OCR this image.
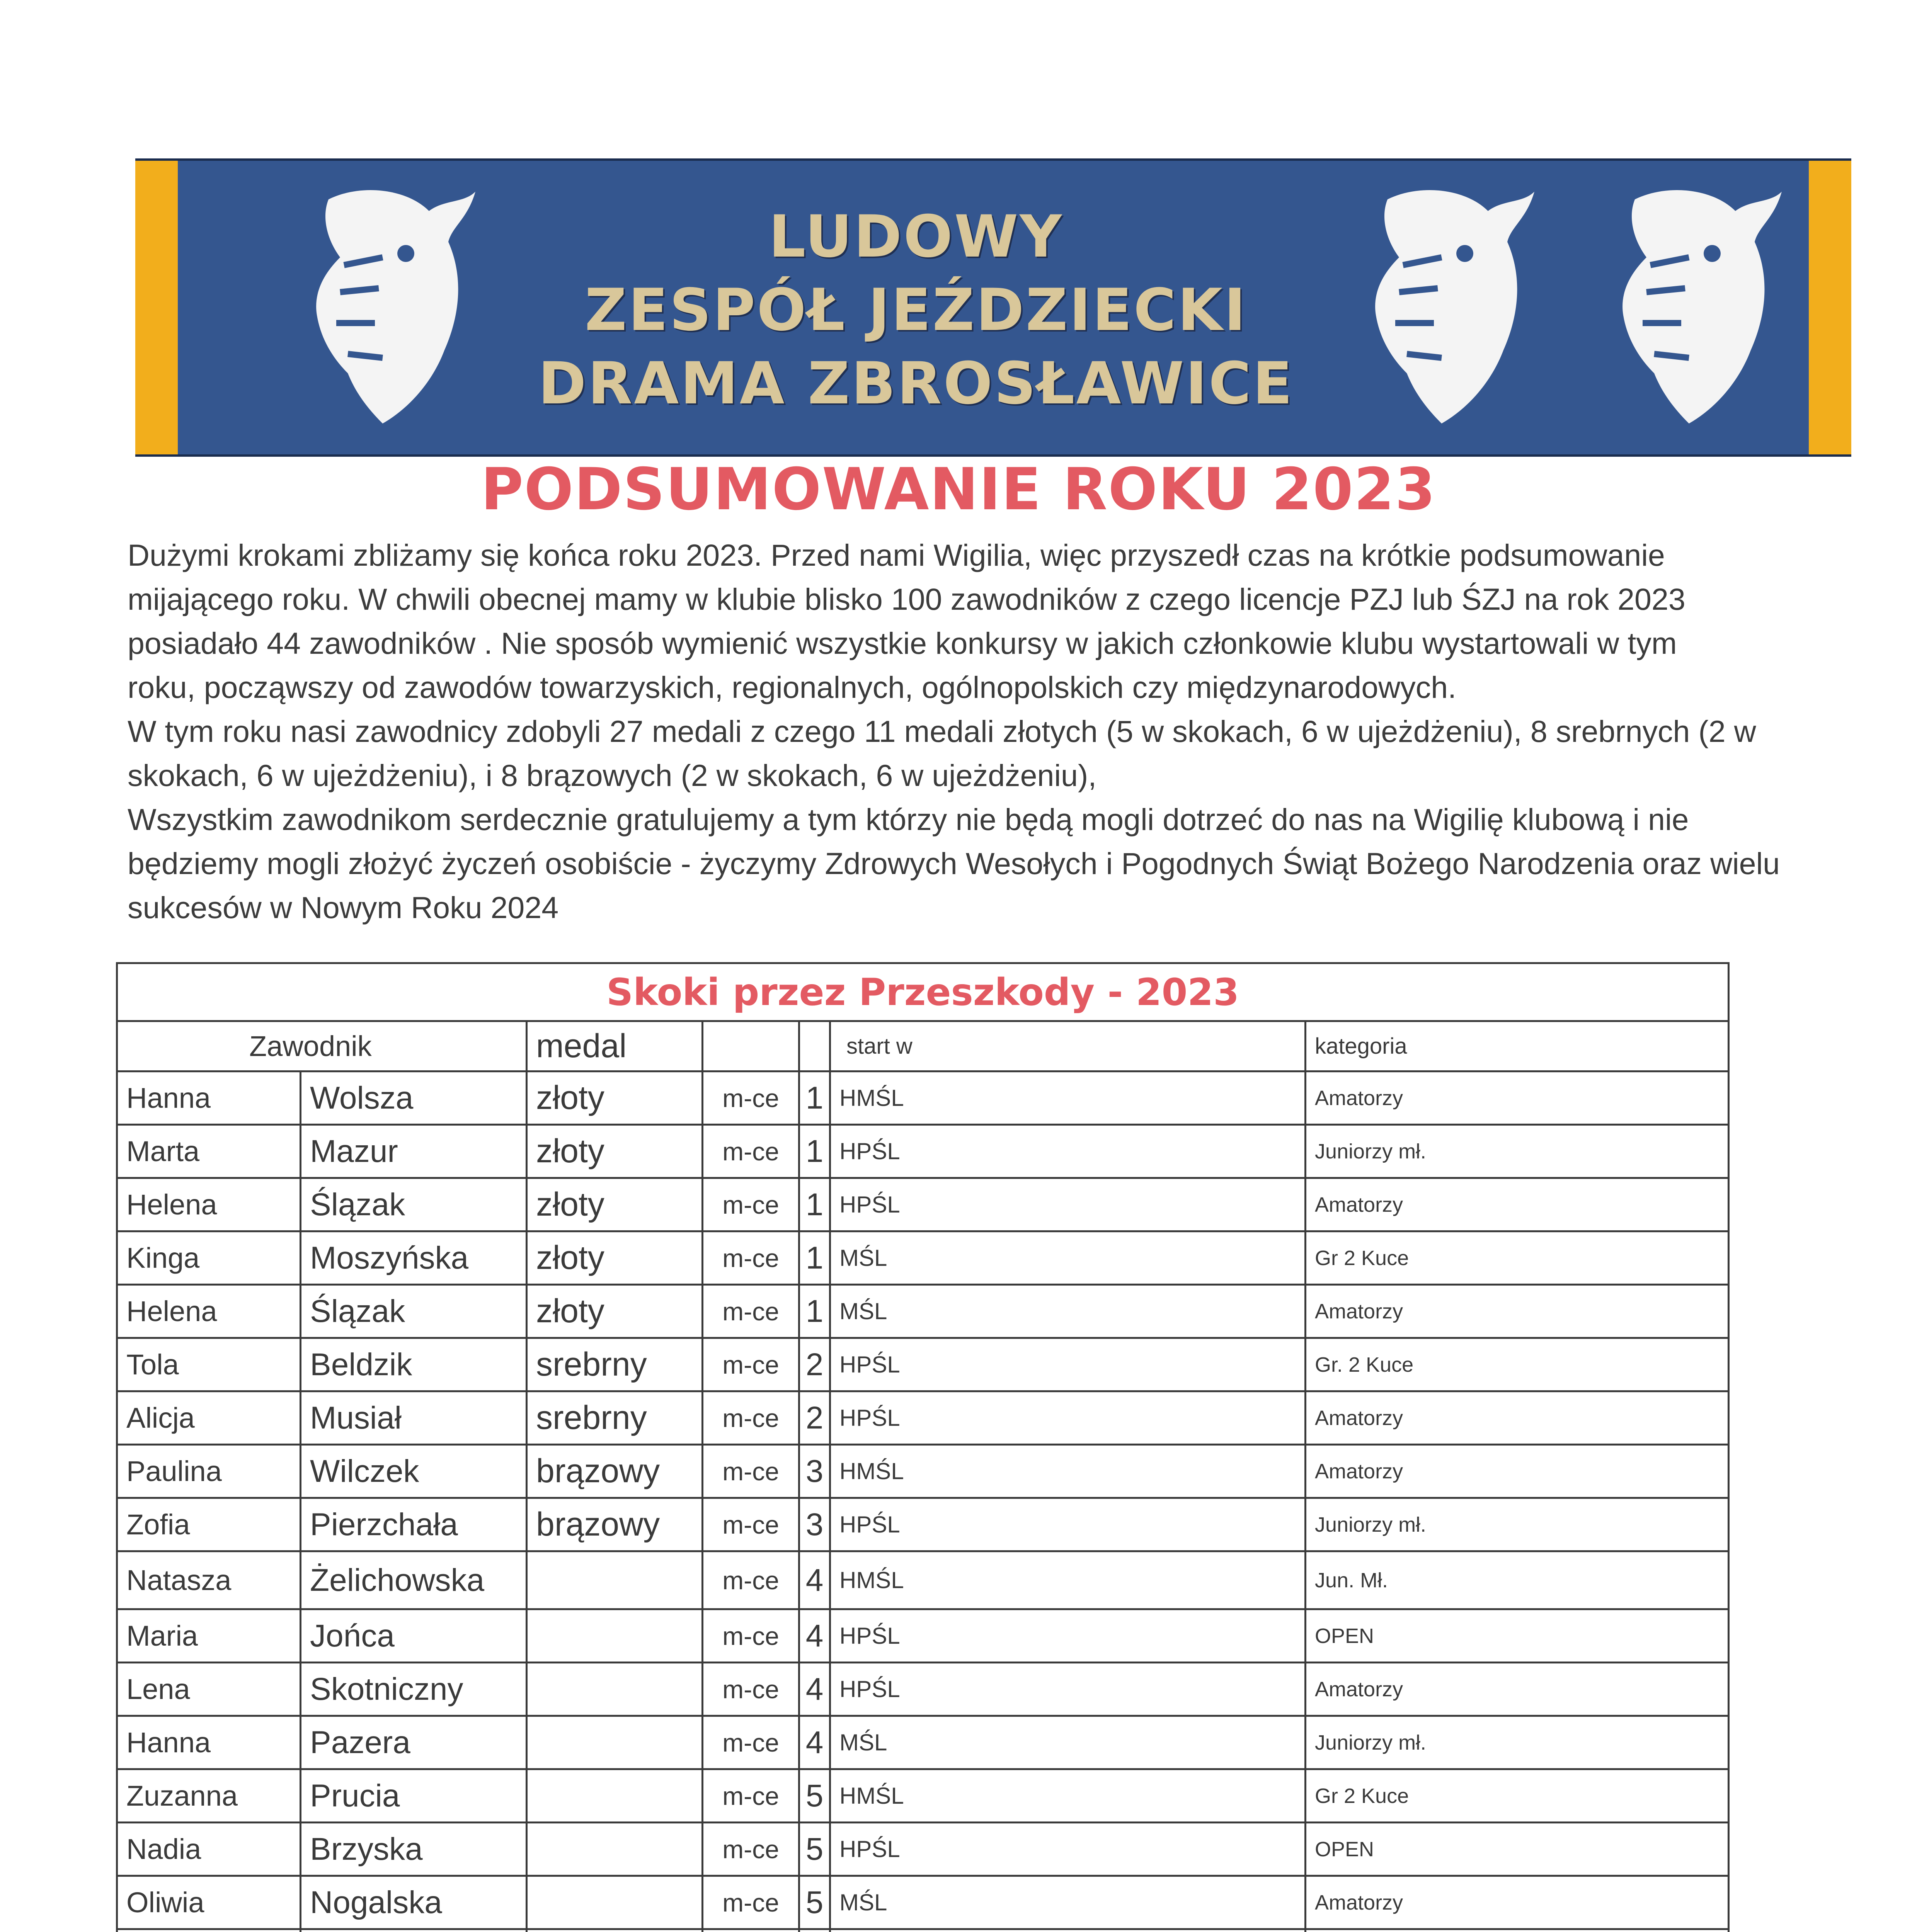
LUDOWY
ZESPÓŁ JEŹDZIECKI
DRAMA ZBROSŁAWICE
PODSUMOWANIE ROKU 2023
Dużymi krokami zbliżamy się końca roku 2023. Przed nami Wigilia, więc przyszedł czas na krótkie podsumowanie
mijającego roku. W chwili obecnej mamy w klubie blisko 100 zawodników z czego licencje PZJ lub ŚZJ na rok 2023
posiadało 44 zawodników . Nie sposób wymienić wszystkie konkursy w jakich członkowie klubu wystartowali w tym
roku, począwszy od zawodów towarzyskich, regionalnych, ogólnopolskich czy międzynarodowych.
W tym roku nasi zawodnicy zdobyli 27 medali z czego 11 medali złotych (5 w skokach, 6 w ujeżdżeniu), 8 srebrnych (2 w
skokach, 6 w ujeżdżeniu), i 8 brązowych (2 w skokach, 6 w ujeżdżeniu),
Wszystkim zawodnikom serdecznie gratulujemy a tym którzy nie będą mogli dotrzeć do nas na Wigilię klubową i nie
będziemy mogli złożyć życzeń osobiście - życzymy Zdrowych Wesołych i Pogodnych Świąt Bożego Narodzenia oraz wielu
sukcesów w Nowym Roku 2024
Skoki przez Przeszkody - 2023						
Zawodnik		medal			start w	kategoria
Hanna	Wolsza	złoty	m-ce	1	HMŚL	Amatorzy
Marta	Mazur	złoty	m-ce	1	HPŚL	Juniorzy mł.
Helena	Ślązak	złoty	m-ce	1	HPŚL	Amatorzy
Kinga	Moszyńska	złoty	m-ce	1	MŚL	Gr 2 Kuce
Helena	Ślązak	złoty	m-ce	1	MŚL	Amatorzy
Tola	Beldzik	srebrny	m-ce	2	HPŚL	Gr. 2 Kuce
Alicja	Musiał	srebrny	m-ce	2	HPŚL	Amatorzy
Paulina	Wilczek	brązowy	m-ce	3	HMŚL	Amatorzy
Zofia	Pierzchała	brązowy	m-ce	3	HPŚL	Juniorzy mł.
Natasza	Żelichowska		m-ce	4	HMŚL	Jun. Mł.
Maria	Jońca		m-ce	4	HPŚL	OPEN
Lena	Skotniczny		m-ce	4	HPŚL	Amatorzy
Hanna	Pazera		m-ce	4	MŚL	Juniorzy mł.
Zuzanna	Prucia		m-ce	5	HMŚL	Gr 2 Kuce
Nadia	Brzyska		m-ce	5	HPŚL	OPEN
Oliwia	Nogalska		m-ce	5	MŚL	Amatorzy
